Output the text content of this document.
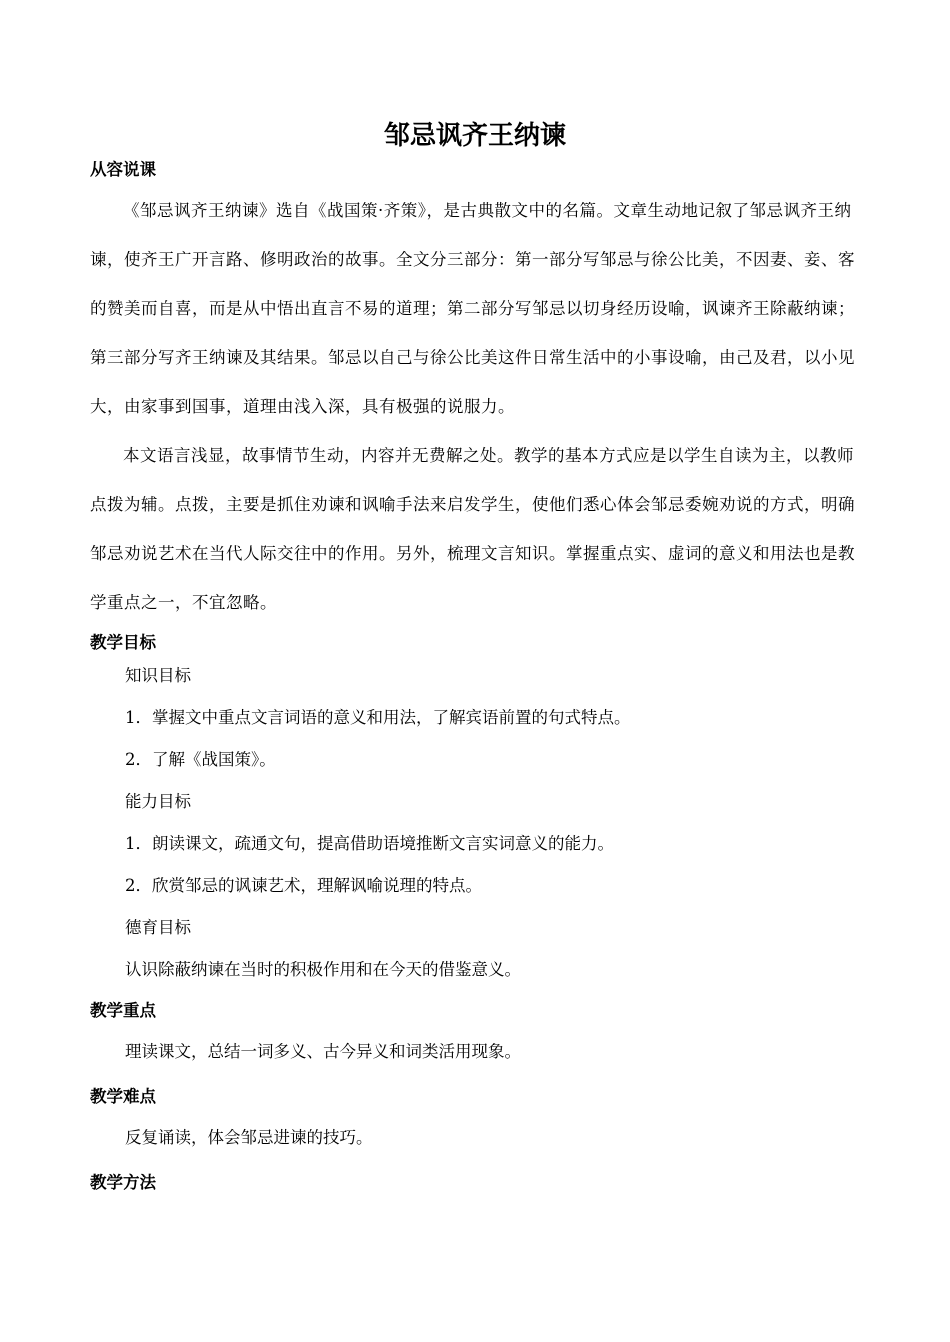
邹忌讽齐王纳谏
从容说课

《邹忌讽齐王纳谏》选自《战国策·齐策》，是古典散文中的名篇。文章生动地记叙了邹忌讽齐王纳谏，使齐王广开言路、修明政治的故事。全文分三部分：第一部分写邹忌与徐公比美，不因妻、妾、客的赞美而自喜，而是从中悟出直言不易的道理；第二部分写邹忌以切身经历设喻，讽谏齐王除蔽纳谏；第三部分写齐王纳谏及其结果。邹忌以自己与徐公比美这件日常生活中的小事设喻，由己及君，以小见大，由家事到国事，道理由浅入深，具有极强的说服力。

本文语言浅显，故事情节生动，内容并无费解之处。教学的基本方式应是以学生自读为主，以教师点拨为辅。点拨，主要是抓住劝谏和讽喻手法来启发学生，使他们悉心体会邹忌委婉劝说的方式，明确邹忌劝说艺术在当代人际交往中的作用。另外，梳理文言知识。掌握重点实、虚词的意义和用法也是教学重点之一，不宜忽略。

教学目标

知识目标

1．掌握文中重点文言词语的意义和用法，了解宾语前置的句式特点。

2．了解《战国策》。

能力目标

1．朗读课文，疏通文句，提高借助语境推断文言实词意义的能力。

2．欣赏邹忌的讽谏艺术，理解讽喻说理的特点。

德育目标

认识除蔽纳谏在当时的积极作用和在今天的借鉴意义。

教学重点

理读课文，总结一词多义、古今异义和词类活用现象。

教学难点

反复诵读，体会邹忌进谏的技巧。

教学方法
